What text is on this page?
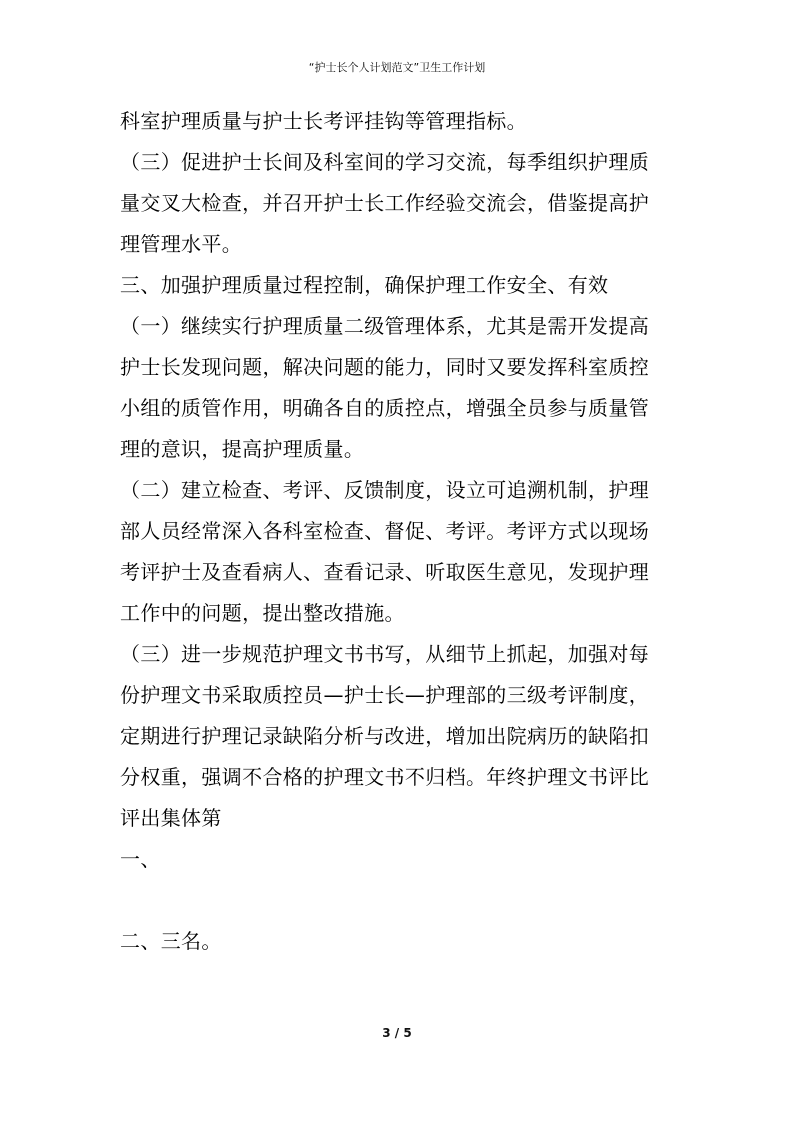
“护士长个人计划范文”卫生工作计划
科室护理质量与护士长考评挂钩等管理指标。
（三）促进护士长间及科室间的学习交流，每季组织护理质
量交叉大检查，并召开护士长工作经验交流会，借鉴提高护
理管理水平。
三、加强护理质量过程控制，确保护理工作安全、有效
（一）继续实行护理质量二级管理体系，尤其是需开发提高
护士长发现问题，解决问题的能力，同时又要发挥科室质控
小组的质管作用，明确各自的质控点，增强全员参与质量管
理的意识，提高护理质量。
（二）建立检查、考评、反馈制度，设立可追溯机制，护理
部人员经常深入各科室检查、督促、考评。考评方式以现场
考评护士及查看病人、查看记录、听取医生意见，发现护理
工作中的问题，提出整改措施。
（三）进一步规范护理文书书写，从细节上抓起，加强对每
份护理文书采取质控员—护士长—护理部的三级考评制度，
定期进行护理记录缺陷分析与改进，增加出院病历的缺陷扣
分权重，强调不合格的护理文书不归档。年终护理文书评比
评出集体第
一、
二、三名。
3 / 5
